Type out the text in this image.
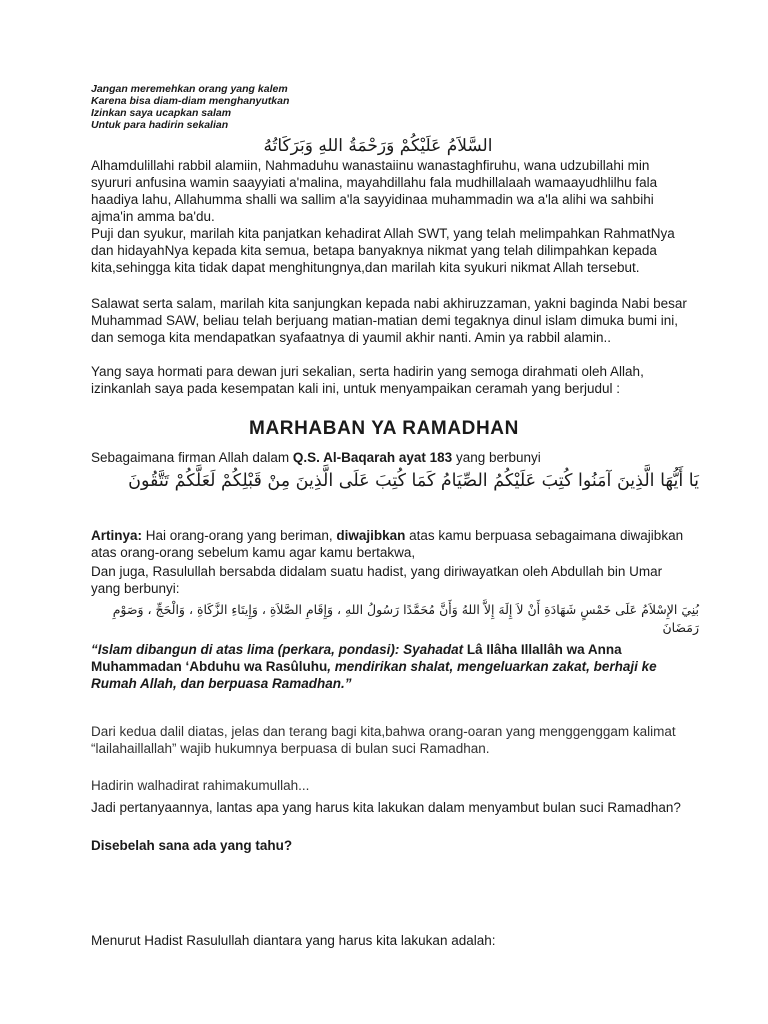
Jangan meremehkan orang yang kalem
Karena bisa diam-diam menghanyutkan
Izinkan saya ucapkan salam
Untuk para hadirin sekalian
السَّلاَمُ عَلَيْكُمْ وَرَحْمَةُ اللهِ وَبَرَكَاتُهُ

Alhamdulillahi rabbil alamiin, Nahmaduhu wanastaiinu wanastaghfiruhu, wana udzubillahi min syururi anfusina wamin saayyiati a'malina, mayahdillahu fala mudhillalaah wamaayudhlilhu fala haadiya lahu, Allahumma shalli wa sallim a'la sayyidinaa muhammadin wa a'la alihi wa sahbihi ajma'in amma ba'du.

Puji dan syukur, marilah kita panjatkan kehadirat Allah SWT, yang telah melimpahkan RahmatNya dan hidayahNya kepada kita semua, betapa banyaknya nikmat yang telah dilimpahkan kepada kita,sehingga kita tidak dapat menghitungnya,dan marilah kita syukuri nikmat Allah tersebut.

Salawat serta salam, marilah kita sanjungkan kepada nabi akhiruzzaman, yakni baginda Nabi besar Muhammad SAW, beliau telah berjuang matian-matian demi tegaknya dinul islam dimuka bumi ini, dan semoga kita mendapatkan syafaatnya di yaumil akhir nanti. Amin ya rabbil alamin..

Yang saya hormati para dewan juri sekalian, serta hadirin yang semoga dirahmati oleh Allah, izinkanlah saya pada kesempatan kali ini, untuk menyampaikan ceramah yang berjudul :

MARHABAN YA RAMADHAN

Sebagaimana firman Allah dalam Q.S. Al-Baqarah ayat 183 yang berbunyi

يَا أَيُّهَا الَّذِينَ آمَنُوا كُتِبَ عَلَيْكُمُ الصِّيَامُ كَمَا كُتِبَ عَلَى الَّذِينَ مِنْ قَبْلِكُمْ لَعَلَّكُمْ تَتَّقُونَ

Artinya: Hai orang-orang yang beriman, diwajibkan atas kamu berpuasa sebagaimana diwajibkan atas orang-orang sebelum kamu agar kamu bertakwa,

Dan juga, Rasulullah bersabda didalam suatu hadist, yang diriwayatkan oleh Abdullah bin Umar yang berbunyi:

بُنِيَ الإِسْلاَمُ عَلَى خَمْسٍ شَهَادَةِ أَنْ لاَ إِلَهَ إِلاَّ اللهُ وَأَنَّ مُحَمَّدًا رَسُولُ اللهِ ، وَإِقَامِ الصَّلاَةِ ، وَإِيتَاءِ الزَّكَاةِ ، وَالْحَجِّ ، وَصَوْمِ رَمَضَانَ

“Islam dibangun di atas lima (perkara, pondasi): Syahadat Lâ Ilâha Illallâh wa Anna Muhammadan ‘Abduhu wa Rasûluhu, mendirikan shalat, mengeluarkan zakat, berhaji ke Rumah Allah, dan berpuasa Ramadhan.”

Dari kedua dalil diatas, jelas dan terang bagi kita,bahwa orang-oaran yang menggenggam kalimat “lailahaillallah” wajib hukumnya berpuasa di bulan suci Ramadhan.

Hadirin walhadirat rahimakumullah...

Jadi pertanyaannya, lantas apa yang harus kita lakukan dalam menyambut bulan suci Ramadhan?

Disebelah sana ada yang tahu?

Menurut Hadist Rasulullah diantara yang harus kita lakukan adalah:
